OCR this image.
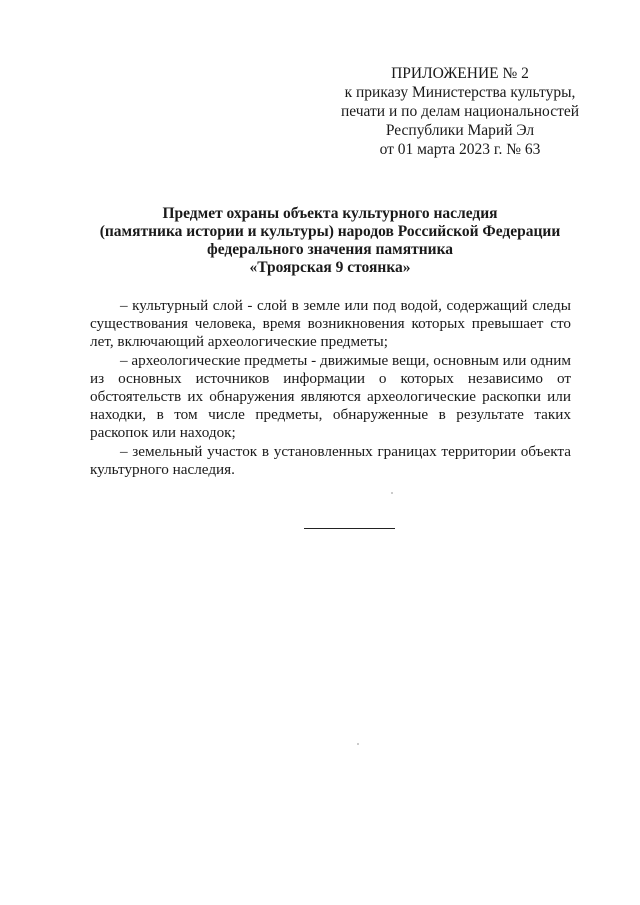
ПРИЛОЖЕНИЕ № 2
к приказу Министерства культуры,
печати и по делам национальностей
Республики Марий Эл
от 01 марта 2023 г. № 63
Предмет охраны объекта культурного наследия
(памятника истории и культуры) народов Российской Федерации
федерального значения памятника
«Троярская 9 стоянка»

– культурный слой - слой в земле или под водой, содержащий следы существования человека, время возникновения которых превышает сто лет, включающий археологические предметы;

– археологические предметы - движимые вещи, основным или одним из основных источников информации о которых независимо от обстоятельств их обнаружения являются археологические раскопки или находки, в том числе предметы, обнаруженные в результате таких раскопок или находок;

– земельный участок в установленных границах территории объекта культурного наследия.
